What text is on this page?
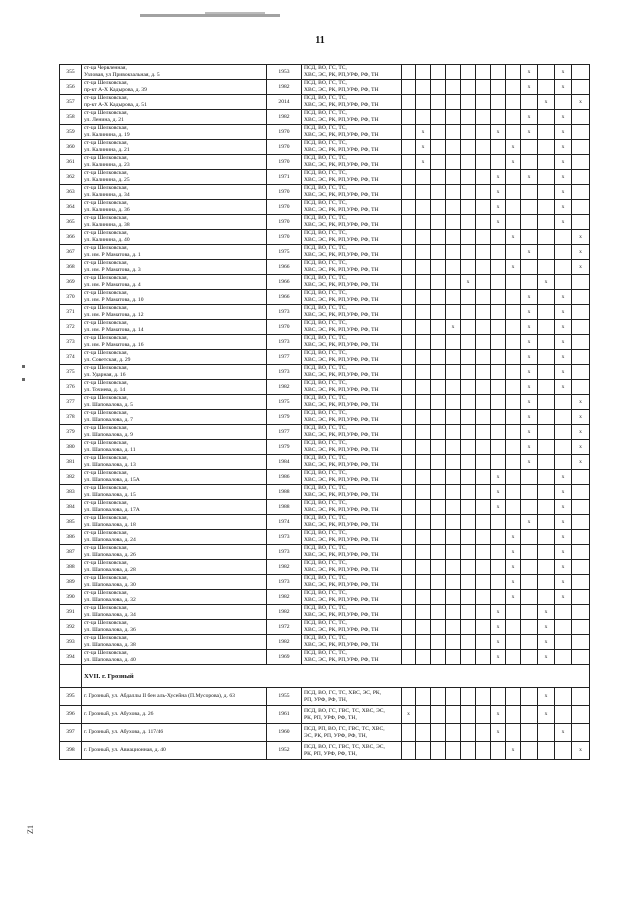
11
Z1
355	ст-ца Червленная,
Узловая, ул Привокзальная, д. 5	1953	ПСД, ВО, ГС, ТС,
ХВС, ЭС, РК, РП,УРФ, РФ, ТН									x		x	
356	ст-ца Шелковская,
пр-кт А-Х Кадырова, д. 39	1982	ПСД, ВО, ГС, ТС,
ХВС, ЭС, РК, РП,УРФ, РФ, ТН									x		x	
357	ст-ца Шелковская,
пр-кт А-Х Кадырова, д. 51	2014	ПСД, ВО, ГС, ТС,
ХВС, ЭС, РК, РП,УРФ, РФ, ТН										x		x
358	ст-ца Шелковская,
ул. Ленина, д. 21	1982	ПСД, ВО, ГС, ТС,
ХВС, ЭС, РК, РП,УРФ, РФ, ТН									x		x	
359	ст-ца Шелковская,
ул. Калинина, д. 19	1970	ПСД, ВО, ГС, ТС,
ХВС, ЭС, РК, РП,УРФ, РФ, ТН		x					x		x		x	
360	ст-ца Шелковская,
ул. Калинина, д. 21	1970	ПСД, ВО, ГС, ТС,
ХВС, ЭС, РК, РП,УРФ, РФ, ТН		x						x			x	
361	ст-ца Шелковская,
ул. Калинина, д. 23	1970	ПСД, ВО, ГС, ТС,
ХВС, ЭС, РК, РП,УРФ, РФ, ТН		x						x			x	
362	ст-ца Шелковская,
ул. Калинина, д. 25	1971	ПСД, ВО, ГС, ТС,
ХВС, ЭС, РК, РП,УРФ, РФ, ТН							x		x		x	
363	ст-ца Шелковская,
ул. Калинина, д. 34	1970	ПСД, ВО, ГС, ТС,
ХВС, ЭС, РК, РП,УРФ, РФ, ТН							x				x	
364	ст-ца Шелковская,
ул. Калинина, д. 36	1970	ПСД, ВО, ГС, ТС,
ХВС, ЭС, РК, РП,УРФ, РФ, ТН							x				x	
365	ст-ца Шелковская,
ул. Калинина, д. 38	1970	ПСД, ВО, ГС, ТС,
ХВС, ЭС, РК, РП,УРФ, РФ, ТН							x				x	
366	ст-ца Шелковская,
ул. Калинина, д. 40	1970	ПСД, ВО, ГС, ТС,
ХВС, ЭС, РК, РП,УРФ, РФ, ТН								x				x
367	ст-ца Шелковская,
ул. им. Р Маматова, д. 1	1975	ПСД, ВО, ГС, ТС,
ХВС, ЭС, РК, РП,УРФ, РФ, ТН									x			x
368	ст-ца Шелковская,
ул. им. Р Маматова, д. 3	1966	ПСД, ВО, ГС, ТС,
ХВС, ЭС, РК, РП,УРФ, РФ, ТН								x				x
369	ст-ца Шелковская,
ул. им. Р Маматова, д. 4	1966	ПСД, ВО, ГС, ТС,
ХВС, ЭС, РК, РП,УРФ, РФ, ТН					x					x		
370	ст-ца Шелковская,
ул. им. Р Маматова, д. 10	1966	ПСД, ВО, ГС, ТС,
ХВС, ЭС, РК, РП,УРФ, РФ, ТН									x		x	
371	ст-ца Шелковская,
ул. им. Р Маматова, д. 12	1973	ПСД, ВО, ГС, ТС,
ХВС, ЭС, РК, РП,УРФ, РФ, ТН									x		x	
372	ст-ца Шелковская,
ул. им. Р Маматова, д. 14	1970	ПСД, ВО, ГС, ТС,
ХВС, ЭС, РК, РП,УРФ, РФ, ТН				x					x		x	
373	ст-ца Шелковская,
ул. им. Р Маматова, д. 16	1973	ПСД, ВО, ГС, ТС,
ХВС, ЭС, РК, РП,УРФ, РФ, ТН									x		x	
374	ст-ца Шелковская,
ул. Советская, д. 29	1977	ПСД, ВО, ГС, ТС,
ХВС, ЭС, РК, РП,УРФ, РФ, ТН									x		x	
375	ст-ца Шелковская,
ул. Ударная, д. 16	1973	ПСД, ВО, ГС, ТС,
ХВС, ЭС, РК, РП,УРФ, РФ, ТН									x		x	
376	ст-ца Шелковская,
ул. Точиева, д. 14	1982	ПСД, ВО, ГС, ТС,
ХВС, ЭС, РК, РП,УРФ, РФ, ТН									x		x	
377	ст-ца Шелковская,
ул. Шаповалова, д. 5	1975	ПСД, ВО, ГС, ТС,
ХВС, ЭС, РК, РП,УРФ, РФ, ТН									x			x
378	ст-ца Шелковская,
ул. Шаповалова, д. 7	1979	ПСД, ВО, ГС, ТС,
ХВС, ЭС, РК, РП,УРФ, РФ, ТН									x			x
379	ст-ца Шелковская,
ул. Шаповалова, д. 9	1977	ПСД, ВО, ГС, ТС,
ХВС, ЭС, РК, РП,УРФ, РФ, ТН									x			x
380	ст-ца Шелковская,
ул. Шаповалова, д. 11	1979	ПСД, ВО, ГС, ТС,
ХВС, ЭС, РК, РП,УРФ, РФ, ТН									x			x
381	ст-ца Шелковская,
ул. Шаповалова, д. 13	1984	ПСД, ВО, ГС, ТС,
ХВС, ЭС, РК, РП,УРФ, РФ, ТН									x			x
382	ст-ца Шелковская,
ул. Шаповалова, д. 15А	1986	ПСД, ВО, ГС, ТС,
ХВС, ЭС, РК, РП,УРФ, РФ, ТН							x				x	
383	ст-ца Шелковская,
ул. Шаповалова, д. 15	1988	ПСД, ВО, ГС, ТС,
ХВС, ЭС, РК, РП,УРФ, РФ, ТН							x				x	
384	ст-ца Шелковская,
ул. Шаповалова, д. 17А	1988	ПСД, ВО, ГС, ТС,
ХВС, ЭС, РК, РП,УРФ, РФ, ТН							x				x	
385	ст-ца Шелковская,
ул. Шаповалова, д. 18	1974	ПСД, ВО, ГС, ТС,
ХВС, ЭС, РК, РП,УРФ, РФ, ТН									x		x	
386	ст-ца Шелковская,
ул. Шаповалова, д. 24	1973	ПСД, ВО, ГС, ТС,
ХВС, ЭС, РК, РП,УРФ, РФ, ТН								x			x	
387	ст-ца Шелковская,
ул. Шаповалова, д. 26	1973	ПСД, ВО, ГС, ТС,
ХВС, ЭС, РК, РП,УРФ, РФ, ТН								x			x	
388	ст-ца Шелковская,
ул. Шаповалова, д. 28	1982	ПСД, ВО, ГС, ТС,
ХВС, ЭС, РК, РП,УРФ, РФ, ТН								x			x	
389	ст-ца Шелковская,
ул. Шаповалова, д. 30	1973	ПСД, ВО, ГС, ТС,
ХВС, ЭС, РК, РП,УРФ, РФ, ТН								x			x	
390	ст-ца Шелковская,
ул. Шаповалова, д. 32	1982	ПСД, ВО, ГС, ТС,
ХВС, ЭС, РК, РП,УРФ, РФ, ТН								x			x	
391	ст-ца Шелковская,
ул. Шаповалова, д. 34	1982	ПСД, ВО, ГС, ТС,
ХВС, ЭС, РК, РП,УРФ, РФ, ТН							x			x		
392	ст-ца Шелковская,
ул. Шаповалова, д. 36	1972	ПСД, ВО, ГС, ТС,
ХВС, ЭС, РК, РП,УРФ, РФ, ТН							x			x		
393	ст-ца Шелковская,
ул. Шаповалова, д. 38	1982	ПСД, ВО, ГС, ТС,
ХВС, ЭС, РК, РП,УРФ, РФ, ТН							x			x		
394	ст-ца Шелковская,
ул. Шаповалова, д. 40	1969	ПСД, ВО, ГС, ТС,
ХВС, ЭС, РК, РП,УРФ, РФ, ТН							x			x		
	XVII. г. Грозный														
395	г. Грозный, ул. Абдаллы II бен аль-Хусейна (П.Мусорова), д. 63	1955	ПСД, ВО, ГС, ТС, ХВС, ЭС, РК,
РП, УРФ, РФ, ТН,										x		
396	г. Грозный, ул. Абухова, д. 26	1961	ПСД, ВО, ГС, ГВС, ТС, ХВС, ЭС,
РК, РП, УРФ, РФ, ТН,	x						x			x		
397	г. Грозный, ул. Абухова, д. 117/46	1960	ПСД, РП, ВО, ГС, ГВС, ТС, ХВС,
ЭС, РК, РП, УРФ, РФ, ТН,							x				x	
398	г. Грозный, ул. Авиационная, д. 40	1952	ПСД, ВО, ГС, ГВС, ТС, ХВС, ЭС,
РК, РП, УРФ, РФ, ТН,								x				x
